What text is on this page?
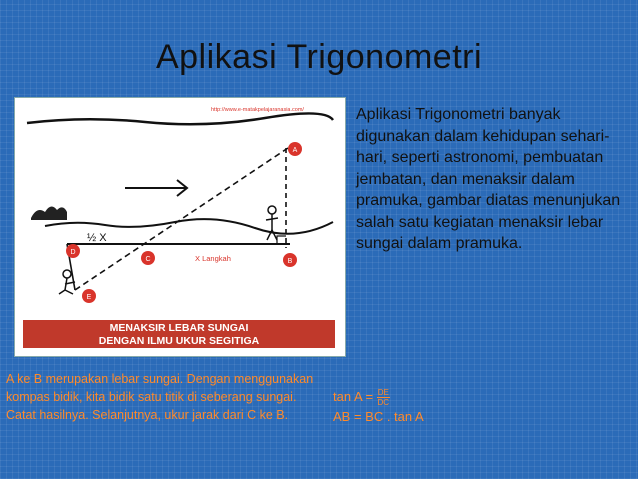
Aplikasi Trigonometri
A
B
C
D
E
http://www.e-matakpelajaranasia.com/
½ X
X Langkah
MENAKSIR LEBAR SUNGAI
DENGAN ILMU UKUR SEGITIGA
Aplikasi Trigonometri banyak digunakan dalam kehidupan sehari-hari, seperti astronomi, pembuatan jembatan, dan menaksir dalam pramuka, gambar diatas menunjukan salah satu kegiatan menaksir lebar sungai dalam pramuka.
A ke B merupakan lebar sungai. Dengan menggunakan kompas bidik, kita bidik satu titik di seberang sungai. Catat hasilnya. Selanjutnya, ukur jarak dari C ke B.
$\tan A = \frac{DE}{DC}$
AB = BC . tan A
